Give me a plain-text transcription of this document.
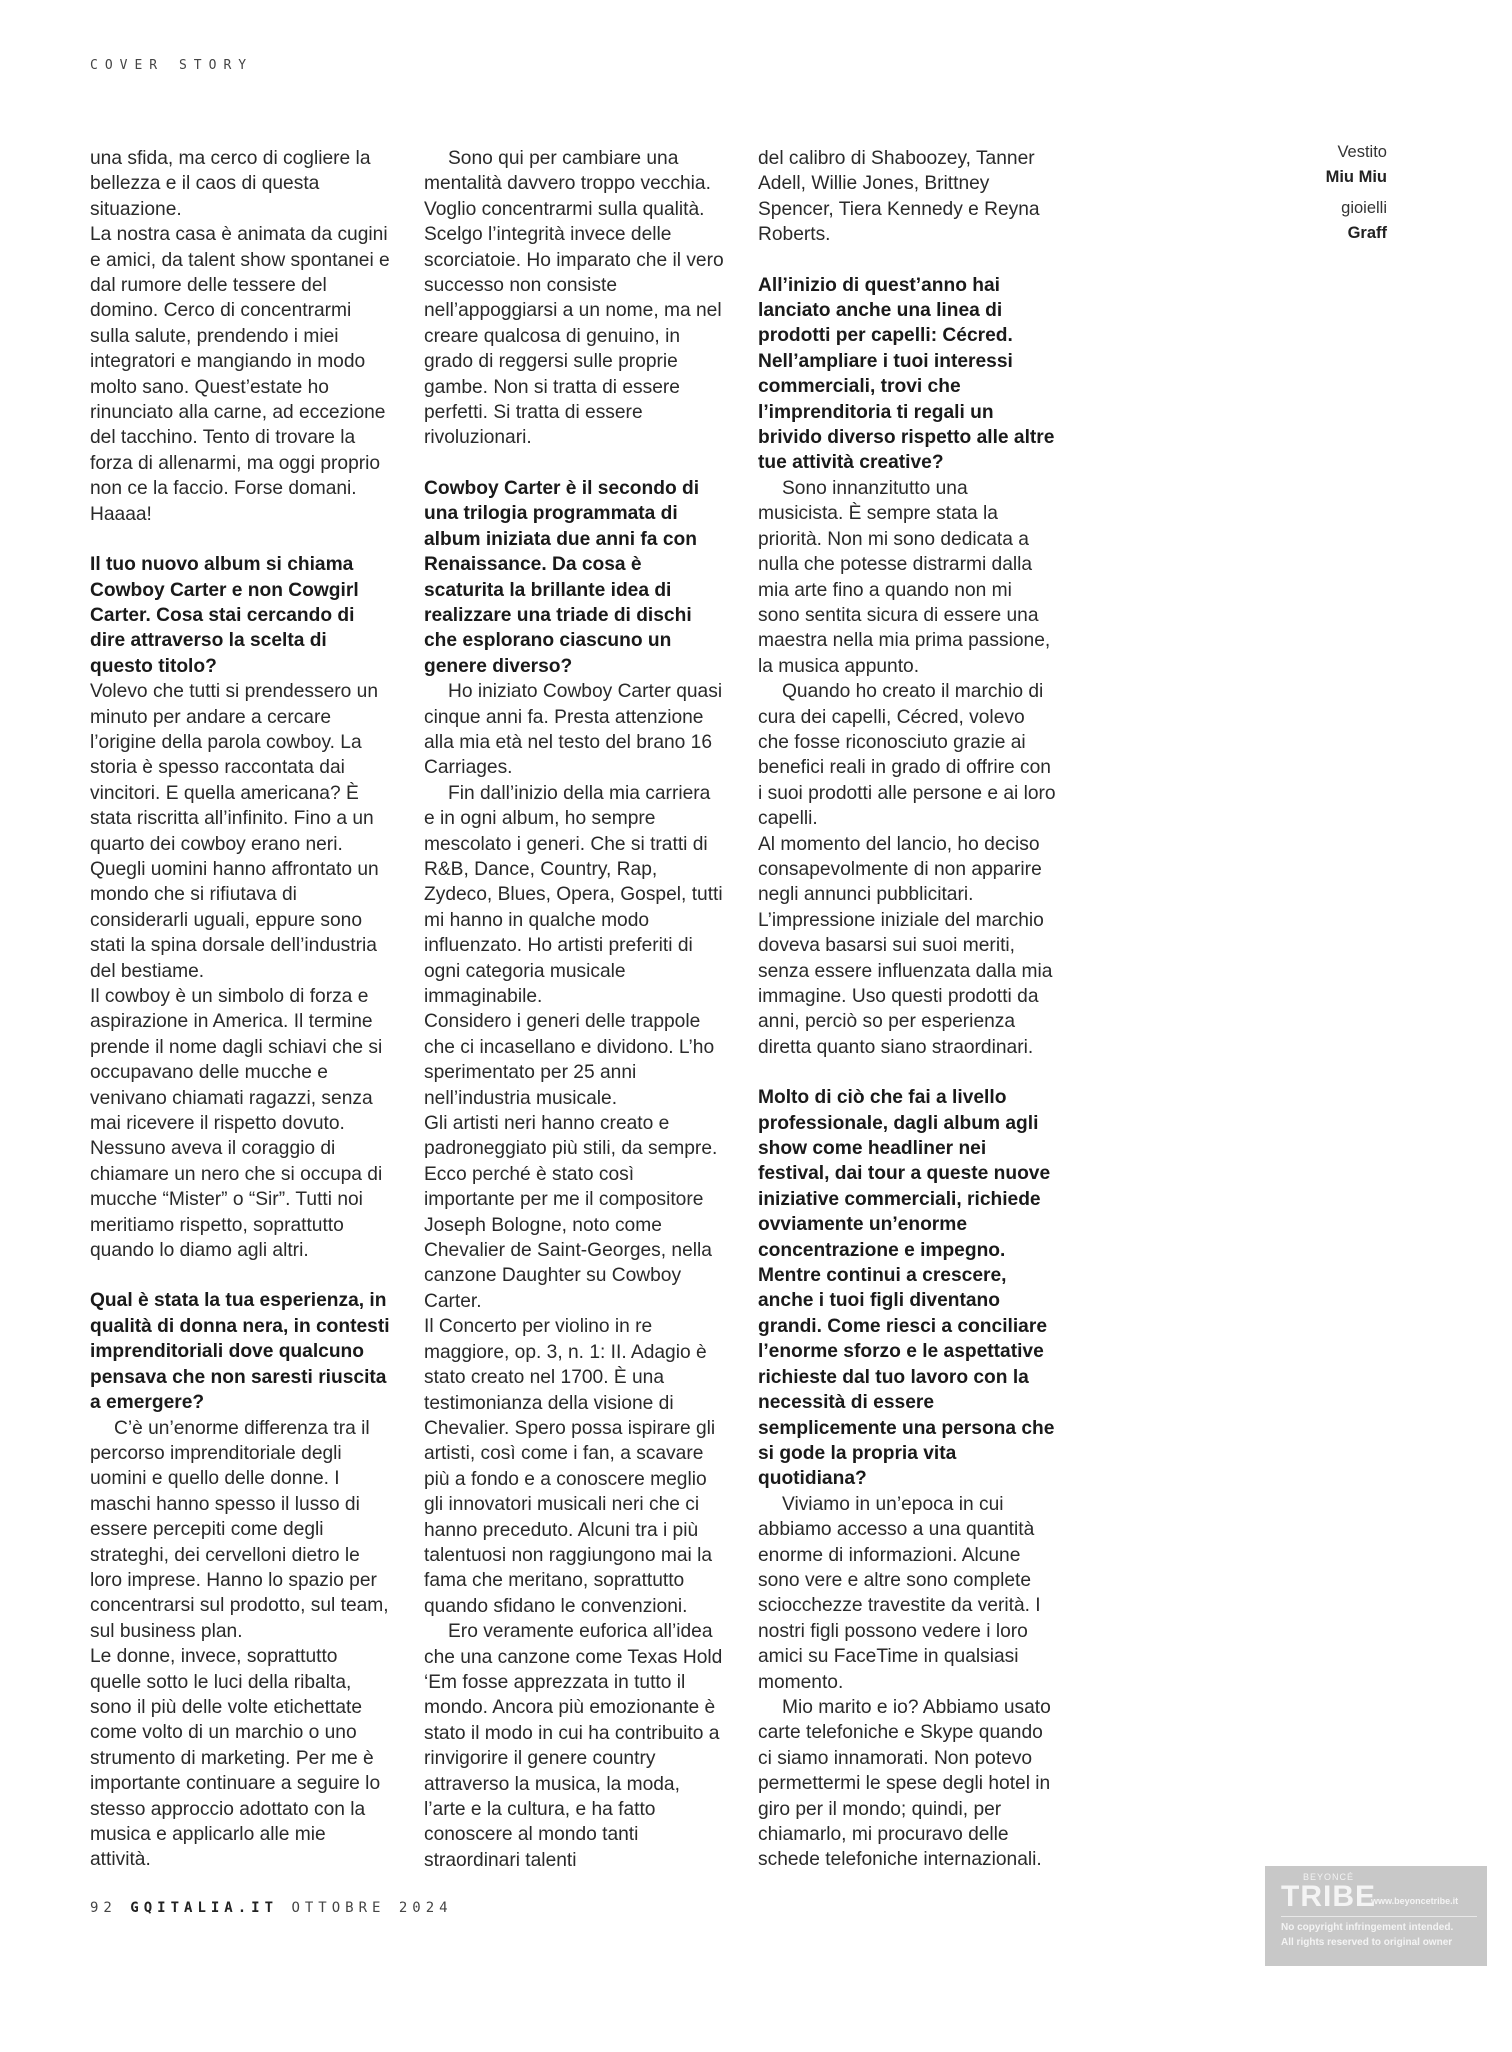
COVER STORY

una sfida, ma cerco di cogliere la bellezza e il caos di questa situazione.

La nostra casa è animata da cugini e amici, da talent show spontanei e dal rumore delle tessere del domino. Cerco di concentrarmi sulla salute, prendendo i miei integratori e mangiando in modo molto sano. Quest’estate ho rinunciato alla carne, ad eccezione del tacchino. Tento di trovare la forza di allenarmi, ma oggi proprio non ce la faccio. Forse domani. Haaaa!

Il tuo nuovo album si chiama Cowboy Carter e non Cowgirl Carter. Cosa stai cercando di dire attraverso la scelta di questo titolo?

Volevo che tutti si prendessero un minuto per andare a cercare l’origine della parola cowboy. La storia è spesso raccontata dai vincitori. E quella americana? È stata riscritta all’infinito. Fino a un quarto dei cowboy erano neri. Quegli uomini hanno affrontato un mondo che si rifiutava di considerarli uguali, eppure sono stati la spina dorsale dell’industria del bestiame.

Il cowboy è un simbolo di forza e aspirazione in America. Il termine prende il nome dagli schiavi che si occupavano delle mucche e venivano chiamati ragazzi, senza mai ricevere il rispetto dovuto. Nessuno aveva il coraggio di chiamare un nero che si occupa di mucche “Mister” o “Sir”. Tutti noi meritiamo rispetto, soprattutto quando lo diamo agli altri.

Qual è stata la tua esperienza, in qualità di donna nera, in contesti imprenditoriali dove qualcuno pensava che non saresti riuscita a emergere?

C’è un’enorme differenza tra il percorso imprenditoriale degli uomini e quello delle donne. I maschi hanno spesso il lusso di essere percepiti come degli strateghi, dei cervelloni dietro le loro imprese. Hanno lo spazio per concentrarsi sul prodotto, sul team, sul business plan.

Le donne, invece, soprattutto quelle sotto le luci della ribalta, sono il più delle volte etichettate come volto di un marchio o uno strumento di marketing. Per me è importante continuare a seguire lo stesso approccio adottato con la musica e applicarlo alle mie attività.

Sono qui per cambiare una mentalità davvero troppo vecchia. Voglio concentrarmi sulla qualità. Scelgo l’integrità invece delle scorciatoie. Ho imparato che il vero successo non consiste nell’appoggiarsi a un nome, ma nel creare qualcosa di genuino, in grado di reggersi sulle proprie gambe. Non si tratta di essere perfetti. Si tratta di essere rivoluzionari.

Cowboy Carter è il secondo di una trilogia programmata di album iniziata due anni fa con Renaissance. Da cosa è scaturita la brillante idea di realizzare una triade di dischi che esplorano ciascuno un genere diverso?

Ho iniziato Cowboy Carter quasi cinque anni fa. Presta attenzione alla mia età nel testo del brano 16 Carriages.

Fin dall’inizio della mia carriera e in ogni album, ho sempre mescolato i generi. Che si tratti di R&B, Dance, Country, Rap, Zydeco, Blues, Opera, Gospel, tutti mi hanno in qualche modo influenzato. Ho artisti preferiti di ogni categoria musicale immaginabile.

Considero i generi delle trappole che ci incasellano e dividono. L’ho sperimentato per 25 anni nell’industria musicale.

Gli artisti neri hanno creato e padroneggiato più stili, da sempre. Ecco perché è stato così importante per me il compositore Joseph Bologne, noto come Chevalier de Saint-Georges, nella canzone Daughter su Cowboy Carter.

Il Concerto per violino in re maggiore, op. 3, n. 1: II. Adagio è stato creato nel 1700. È una testimonianza della visione di Chevalier. Spero possa ispirare gli artisti, così come i fan, a scavare più a fondo e a conoscere meglio gli innovatori musicali neri che ci hanno preceduto. Alcuni tra i più talentuosi non raggiungono mai la fama che meritano, soprattutto quando sfidano le convenzioni.

Ero veramente euforica all’idea che una canzone come Texas Hold ‘Em fosse apprezzata in tutto il mondo. Ancora più emozionante è stato il modo in cui ha contribuito a rinvigorire il genere country attraverso la musica, la moda, l’arte e la cultura, e ha fatto conoscere al mondo tanti straordinari talenti

del calibro di Shaboozey, Tanner Adell, Willie Jones, Brittney Spencer, Tiera Kennedy e Reyna Roberts.

All’inizio di quest’anno hai lanciato anche una linea di prodotti per capelli: Cécred. Nell’ampliare i tuoi interessi commerciali, trovi che l’imprenditoria ti regali un brivido diverso rispetto alle altre tue attività creative?

Sono innanzitutto una musicista. È sempre stata la priorità. Non mi sono dedicata a nulla che potesse distrarmi dalla mia arte fino a quando non mi sono sentita sicura di essere una maestra nella mia prima passione, la musica appunto.

Quando ho creato il marchio di cura dei capelli, Cécred, volevo che fosse riconosciuto grazie ai benefici reali in grado di offrire con i suoi prodotti alle persone e ai loro capelli.

Al momento del lancio, ho deciso consapevolmente di non apparire negli annunci pubblicitari. L’impressione iniziale del marchio doveva basarsi sui suoi meriti, senza essere influenzata dalla mia immagine. Uso questi prodotti da anni, perciò so per esperienza diretta quanto siano straordinari.

Molto di ciò che fai a livello professionale, dagli album agli show come headliner nei festival, dai tour a queste nuove iniziative commerciali, richiede ovviamente un’enorme concentrazione e impegno. Mentre continui a crescere, anche i tuoi figli diventano grandi. Come riesci a conciliare l’enorme sforzo e le aspettative richieste dal tuo lavoro con la necessità di essere semplicemente una persona che si gode la propria vita quotidiana?

Viviamo in un’epoca in cui abbiamo accesso a una quantità enorme di informazioni. Alcune sono vere e altre sono complete sciocchezze travestite da verità. I nostri figli possono vedere i loro amici su FaceTime in qualsiasi momento.

Mio marito e io? Abbiamo usato carte telefoniche e Skype quando ci siamo innamorati. Non potevo permettermi le spese degli hotel in giro per il mondo; quindi, per chiamarlo, mi procuravo delle schede telefoniche internazionali.

Vestito
Miu Miu
gioielli
Graff
92 GQITALIA.IT OTTOBRE 2024
BEYONCÉ
TRIBE
www.beyoncetribe.it
No copyright infringement intended.
All rights reserved to original owner
